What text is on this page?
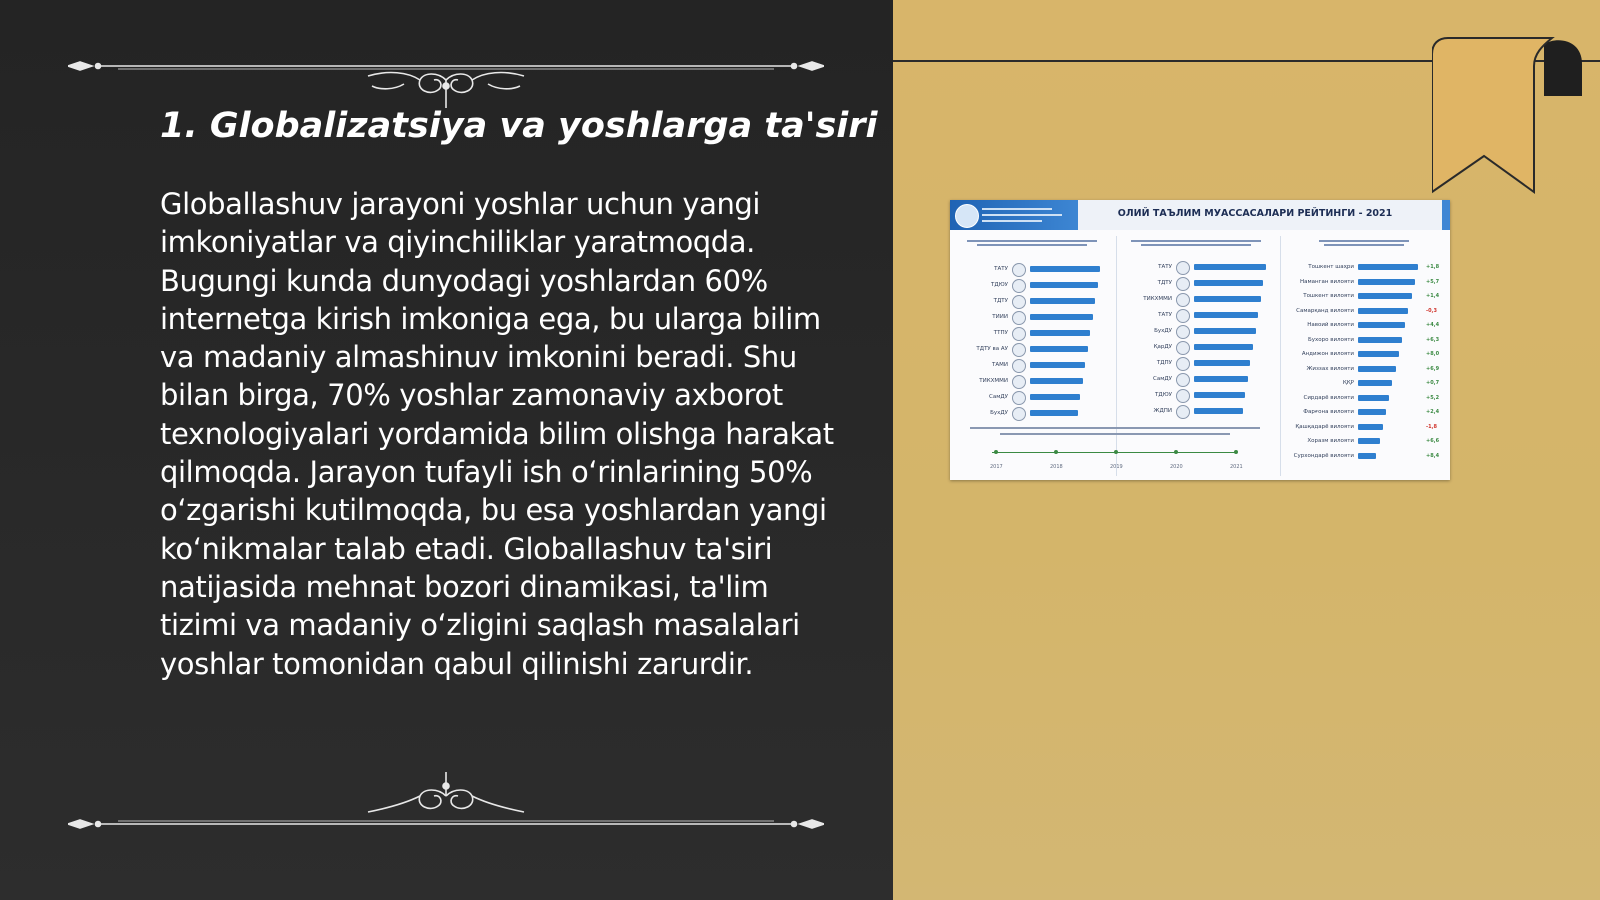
1. Globalizatsiya va yoshlarga ta'siri

Globallashuv jarayoni yoshlar uchun yangi imkoniyatlar va qiyinchiliklar yaratmoqda. Bugungi kunda dunyodagi yoshlardan 60% internetga kirish imkoniga ega, bu ularga bilim va madaniy almashinuv imkonini beradi. Shu bilan birga, 70% yoshlar zamonaviy axborot texnologiyalari yordamida bilim olishga harakat qilmoqda. Jarayon tufayli ish o‘rinlarining 50% o‘zgarishi kutilmoqda, bu esa yoshlardan yangi ko‘nikmalar talab etadi. Globallashuv ta'siri natijasida mehnat bozori dinamikasi, ta'lim tizimi va madaniy o‘zligini saqlash masalalari yoshlar tomonidan qabul qilinishi zarurdir.

ОЛИЙ ТАЪЛИМ МУАССАСАЛАРИ РЕЙТИНГИ - 2021
ТАТУ
ТДЮУ
ТДТУ
ТИИИ
ТТПУ
ТДТУ ва АУ
ТАМИ
ТИКХММИ
СамДУ
БухДУ
ТАТУ
ТДТУ
ТИКХММИ
ТАТУ
БухДУ
ҚарДУ
ТДПУ
СамДУ
ТДЮУ
ЖДПИ
Тошкент шаҳри	+1,8
Наманган вилояти	+5,7
Тошкент вилояти	+1,4
Самарқанд вилояти	-0,3
Навоий вилояти	+4,4
Бухоро вилояти	+6,3
Андижон вилояти	+8,0
Жиззах вилояти	+6,9
ҚҚР	+0,7
Сирдарё вилояти	+5,2
Фарғона вилояти	+2,4
Қашқадарё вилояти	-1,8
Хоразм вилояти	+6,6
Сурхондарё вилояти	+8,4
2017	2018	2019	2020	2021
